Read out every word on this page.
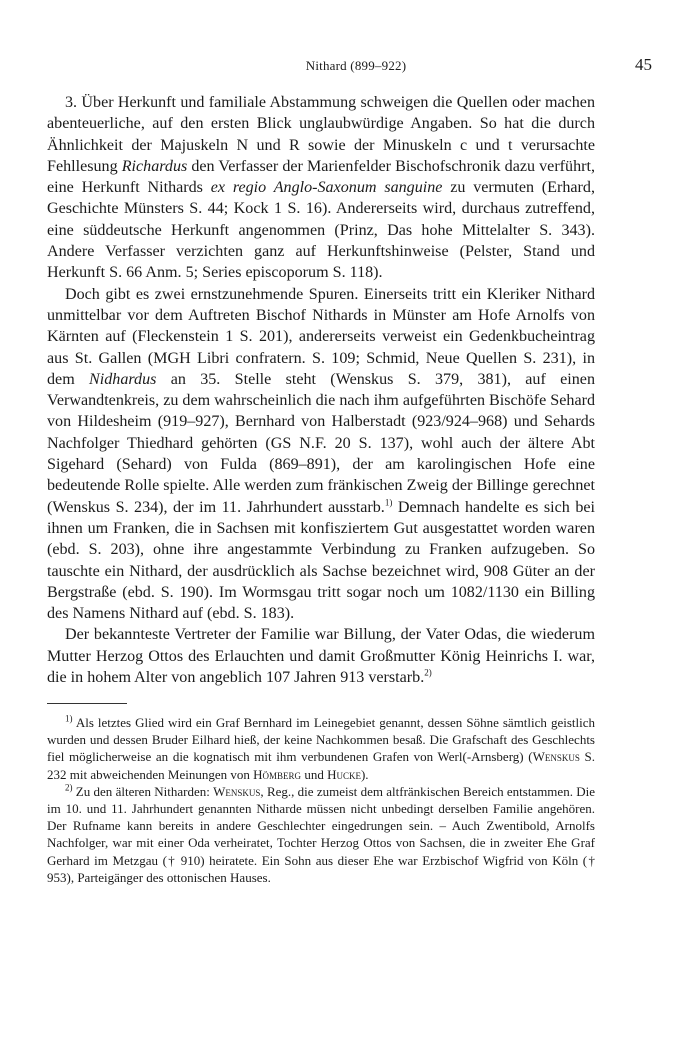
Nithard (899–922)	45

3. Über Herkunft und familiale Abstammung schweigen die Quellen oder machen abenteuerliche, auf den ersten Blick unglaubwürdige Angaben. So hat die durch Ähnlichkeit der Majuskeln N und R sowie der Minuskeln c und t verursachte Fehllesung Richardus den Verfasser der Marienfelder Bischofschronik dazu verführt, eine Herkunft Nithards ex regio Anglo-Saxonum sanguine zu vermuten (Erhard, Geschichte Münsters S. 44; Kock 1 S. 16). Andererseits wird, durchaus zutreffend, eine süddeutsche Herkunft angenommen (Prinz, Das hohe Mittelalter S. 343). Andere Verfasser verzichten ganz auf Herkunftshinweise (Pelster, Stand und Herkunft S. 66 Anm. 5; Series episcoporum S. 118).

Doch gibt es zwei ernstzunehmende Spuren. Einerseits tritt ein Kleriker Nithard unmittelbar vor dem Auftreten Bischof Nithards in Münster am Hofe Arnolfs von Kärnten auf (Fleckenstein 1 S. 201), andererseits verweist ein Gedenkbucheintrag aus St. Gallen (MGH Libri confratern. S. 109; Schmid, Neue Quellen S. 231), in dem Nidhardus an 35. Stelle steht (Wenskus S. 379, 381), auf einen Verwandtenkreis, zu dem wahrscheinlich die nach ihm aufgeführten Bischöfe Sehard von Hildesheim (919–927), Bernhard von Halberstadt (923/924–968) und Sehards Nachfolger Thiedhard gehörten (GS N.F. 20 S. 137), wohl auch der ältere Abt Sigehard (Sehard) von Fulda (869–891), der am karolingischen Hofe eine bedeutende Rolle spielte. Alle werden zum fränkischen Zweig der Billinge gerechnet (Wenskus S. 234), der im 11. Jahrhundert ausstarb.$^{1)}$ Demnach handelte es sich bei ihnen um Franken, die in Sachsen mit konfisziertem Gut ausgestattet worden waren (ebd. S. 203), ohne ihre angestammte Verbindung zu Franken aufzugeben. So tauschte ein Nithard, der ausdrücklich als Sachse bezeichnet wird, 908 Güter an der Bergstraße (ebd. S. 190). Im Wormsgau tritt sogar noch um 1082/1130 ein Billing des Namens Nithard auf (ebd. S. 183).

Der bekannteste Vertreter der Familie war Billung, der Vater Odas, die wiederum Mutter Herzog Ottos des Erlauchten und damit Großmutter König Heinrichs I. war, die in hohem Alter von angeblich 107 Jahren 913 verstarb.$^{2)}$

$^{1)}$ Als letztes Glied wird ein Graf Bernhard im Leinegebiet genannt, dessen Söhne sämtlich geistlich wurden und dessen Bruder Eilhard hieß, der keine Nachkommen besaß. Die Grafschaft des Geschlechts fiel möglicherweise an die kognatisch mit ihm verbundenen Grafen von Werl(-Arnsberg) (Wenskus S. 232 mit abweichenden Meinungen von Hömberg und Hucke).

$^{2)}$ Zu den älteren Nitharden: Wenskus, Reg., die zumeist dem altfränkischen Bereich entstammen. Die im 10. und 11. Jahrhundert genannten Nitharde müssen nicht unbedingt derselben Familie angehören. Der Rufname kann bereits in andere Geschlechter eingedrungen sein. – Auch Zwentibold, Arnolfs Nachfolger, war mit einer Oda verheiratet, Tochter Herzog Ottos von Sachsen, die in zweiter Ehe Graf Gerhard im Metzgau († 910) heiratete. Ein Sohn aus dieser Ehe war Erzbischof Wigfrid von Köln († 953), Parteigänger des ottonischen Hauses.
